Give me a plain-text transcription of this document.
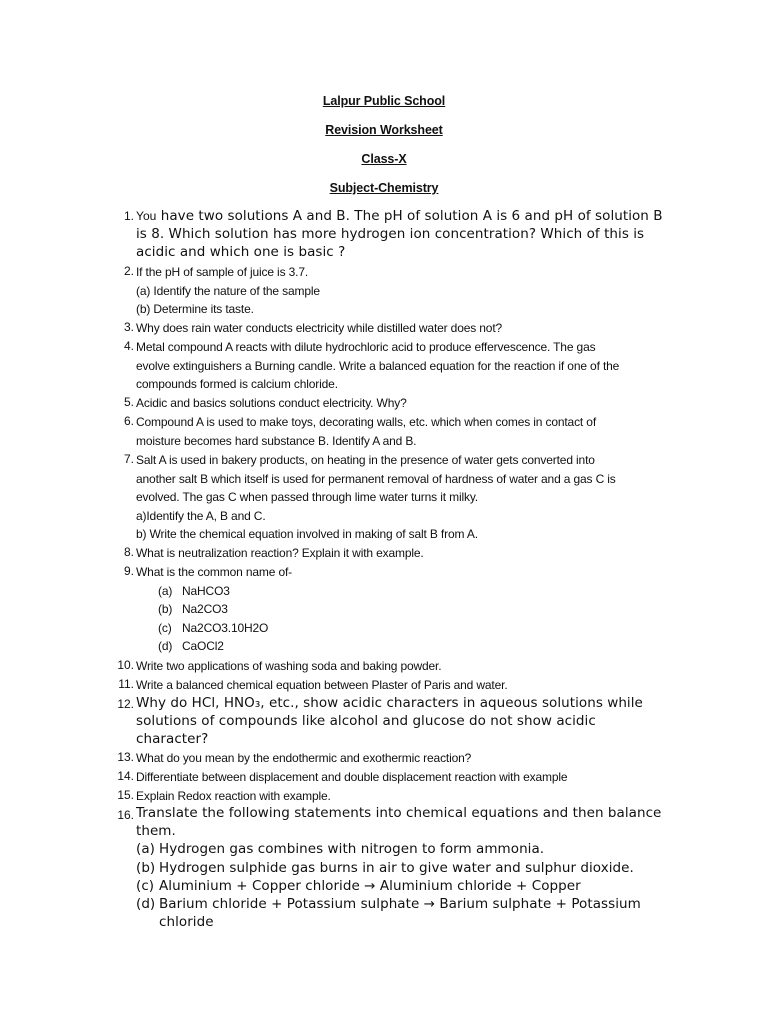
Lalpur Public School
Revision Worksheet
Class-X
Subject-Chemistry
1. You have two solutions A and B. The pH of solution A is 6 and pH of solution B
is 8. Which solution has more hydrogen ion concentration? Which of this is
acidic and which one is basic ?
2. If the pH of sample of juice is 3.7.
(a) Identify the nature of the sample
(b) Determine its taste.
3. Why does rain water conducts electricity while distilled water does not?
4. Metal compound A reacts with dilute hydrochloric acid to produce effervescence. The gas
evolve extinguishers a Burning candle. Write a balanced equation for the reaction if one of the
compounds formed is calcium chloride.
5. Acidic and basics solutions conduct electricity. Why?
6. Compound A is used to make toys, decorating walls, etc. which when comes in contact of
moisture becomes hard substance B. Identify A and B.
7. Salt A is used in bakery products, on heating in the presence of water gets converted into
another salt B which itself is used for permanent removal of hardness of water and a gas C is
evolved. The gas C when passed through lime water turns it milky.
a)Identify the A, B and C.
b) Write the chemical equation involved in making of salt B from A.
8. What is neutralization reaction? Explain it with example.
9. What is the common name of-
(a) NaHCO3
(b) Na2CO3
(c) Na2CO3.10H2O
(d) CaOCl2
10. Write two applications of washing soda and baking powder.
11. Write a balanced chemical equation between Plaster of Paris and water.
12. Why do HCl, HNO₃, etc., show acidic characters in aqueous solutions while
solutions of compounds like alcohol and glucose do not show acidic
character?
13. What do you mean by the endothermic and exothermic reaction?
14. Differentiate between displacement and double displacement reaction with example
15. Explain Redox reaction with example.
16. Translate the following statements into chemical equations and then balance
them.
(a) Hydrogen gas combines with nitrogen to form ammonia.
(b) Hydrogen sulphide gas burns in air to give water and sulphur dioxide.
(c) Aluminium + Copper chloride → Aluminium chloride + Copper
(d) Barium chloride + Potassium sulphate → Barium sulphate + Potassium
chloride
